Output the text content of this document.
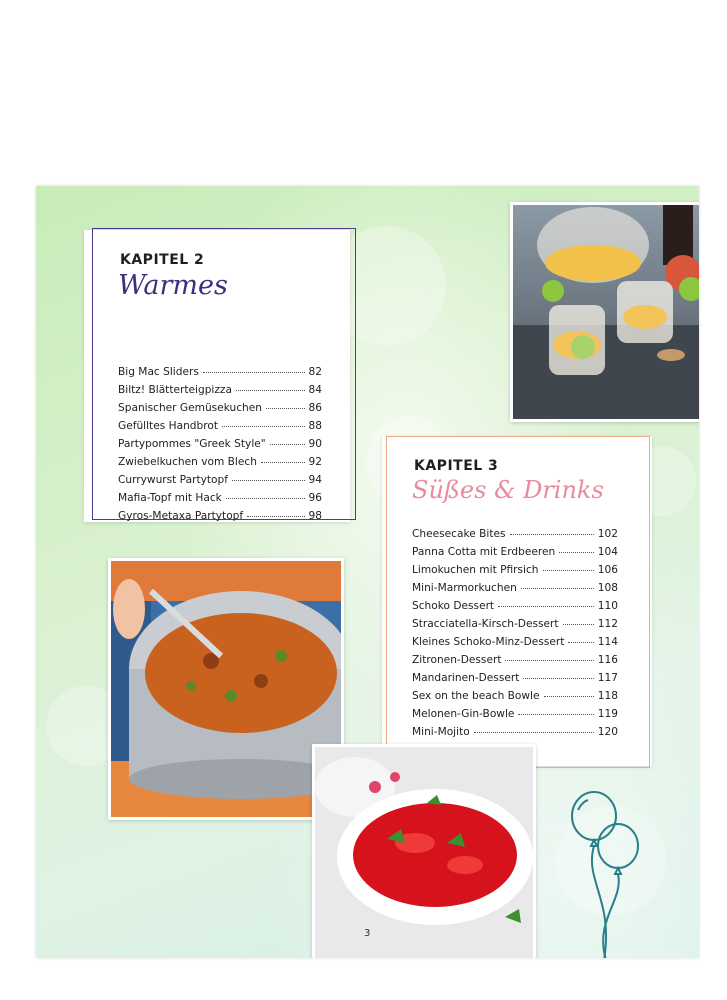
KAPITEL 2
Warmes
Big Mac Sliders	82
Biltz! Blätterteigpizza	84
Spanischer Gemüsekuchen	86
Gefülltes Handbrot	88
Partypommes "Greek Style"	90
Zwiebelkuchen vom Blech	92
Currywurst Partytopf	94
Mafia-Topf mit Hack	96
Gyros-Metaxa Partytopf	98
KAPITEL 3
Süßes & Drinks
Cheesecake Bites	102
Panna Cotta mit Erdbeeren	104
Limokuchen mit Pfirsich	106
Mini-Marmorkuchen	108
Schoko Dessert	110
Stracciatella-Kirsch-Dessert	112
Kleines Schoko-Minz-Dessert	114
Zitronen-Dessert	116
Mandarinen-Dessert	117
Sex on the beach Bowle	118
Melonen-Gin-Bowle	119
Mini-Mojito	120
3
